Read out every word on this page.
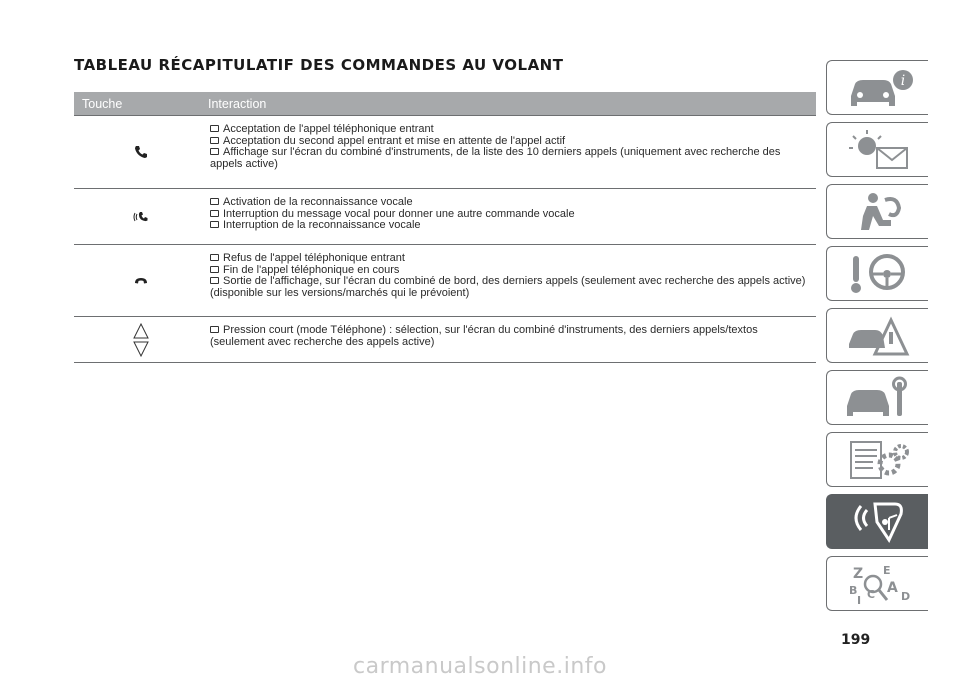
TABLEAU RÉCAPITULATIF DES COMMANDES AU VOLANT
Touche	Interaction
Acceptation de l'appel téléphonique entrant
Acceptation du second appel entrant et mise en attente de l'appel actif
Affichage sur l'écran du combiné d'instruments, de la liste des 10 derniers appels (uniquement avec recherche des appels active)
Activation de la reconnaissance vocale
Interruption du message vocal pour donner une autre commande vocale
Interruption de la reconnaissance vocale
Refus de l'appel téléphonique entrant
Fin de l'appel téléphonique en cours
Sortie de l'affichage, sur l'écran du combiné de bord, des derniers appels (seulement avec recherche des appels active) (disponible sur les versions/marchés qui le prévoient)
Pression court (mode Téléphone) : sélection, sur l'écran du combiné d'instruments, des derniers appels/textos (seulement avec recherche des appels active)
i
Z E
B A
I C D
199
carmanualsonline.info
